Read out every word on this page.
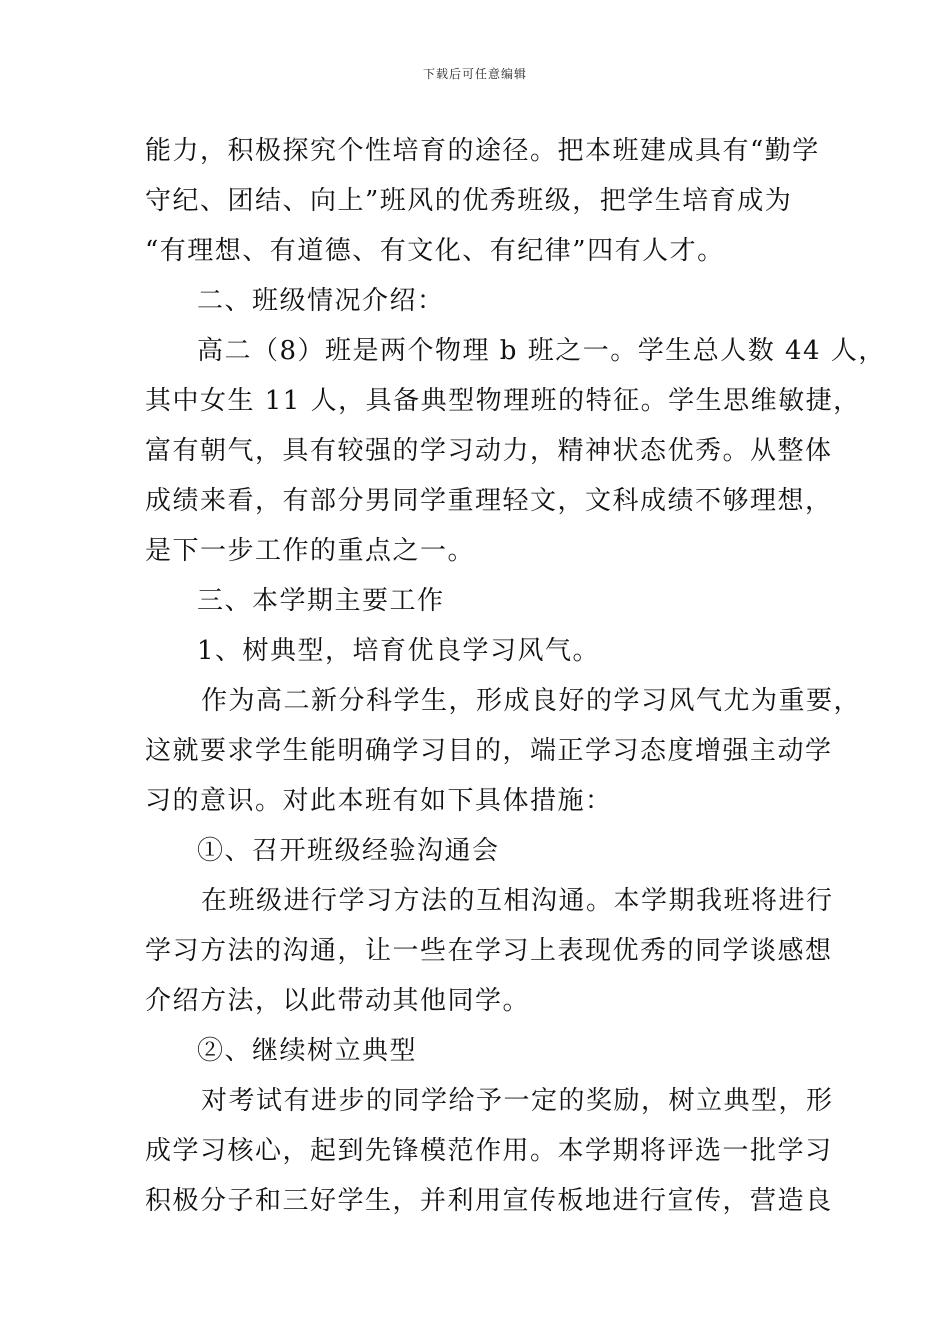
下载后可任意编辑
能力，积极探究个性培育的途径。把本班建成具有“勤学
守纪、团结、向上”班风的优秀班级，把学生培育成为
“有理想、有道德、有文化、有纪律”四有人才。
二、班级情况介绍：
高二（8）班是两个物理 b 班之一。学生总人数 44 人，
其中女生 11 人，具备典型物理班的特征。学生思维敏捷，
富有朝气，具有较强的学习动力，精神状态优秀。从整体
成绩来看，有部分男同学重理轻文，文科成绩不够理想，
是下一步工作的重点之一。
三、本学期主要工作
1、树典型，培育优良学习风气。
作为高二新分科学生，形成良好的学习风气尤为重要，
这就要求学生能明确学习目的，端正学习态度增强主动学
习的意识。对此本班有如下具体措施：
①、召开班级经验沟通会
在班级进行学习方法的互相沟通。本学期我班将进行
学习方法的沟通，让一些在学习上表现优秀的同学谈感想
介绍方法，以此带动其他同学。
②、继续树立典型
对考试有进步的同学给予一定的奖励，树立典型，形
成学习核心，起到先锋模范作用。本学期将评选一批学习
积极分子和三好学生，并利用宣传板地进行宣传，营造良
